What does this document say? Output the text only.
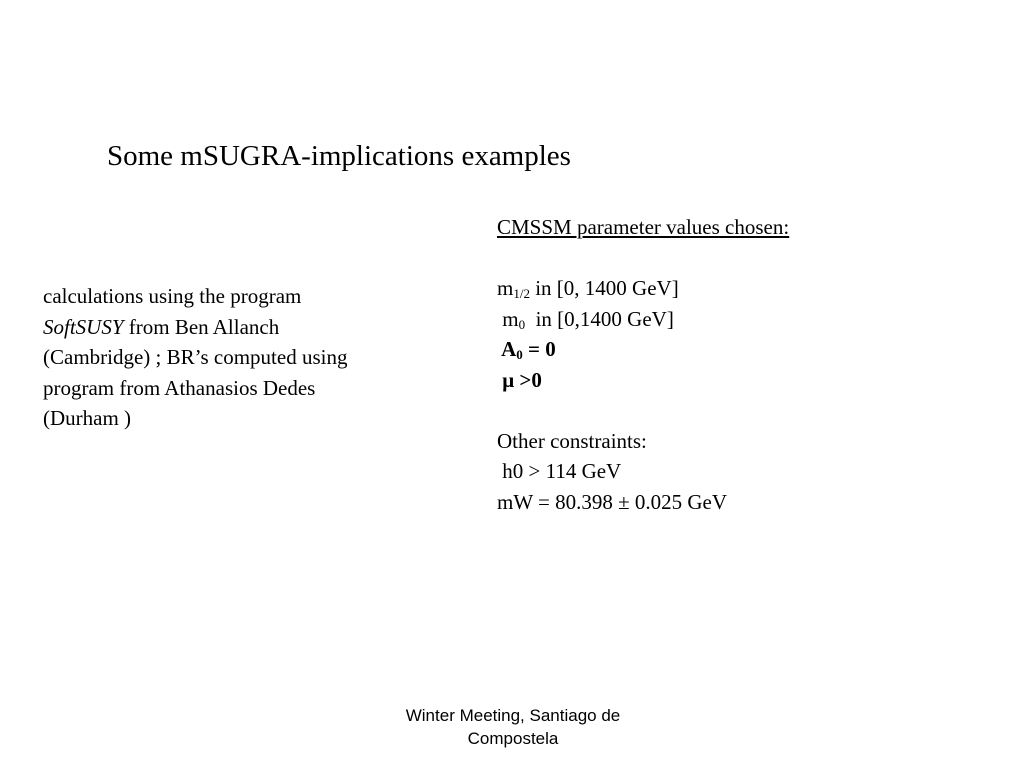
Some mSUGRA-implications examples
calculations using the program
SoftSUSY from Ben Allanch
(Cambridge) ; BR’s computed using
program from Athanasios Dedes
(Durham )
CMSSM parameter values chosen:
$m_{1/2}$ in [0, 1400 GeV]
$m_0$  in [0,1400 GeV]
$A_0 = 0$
μ >0
Other constraints:
h0 > 114 GeV
mW = 80.398 ± 0.025 GeV
Winter Meeting, Santiago de
Compostela
